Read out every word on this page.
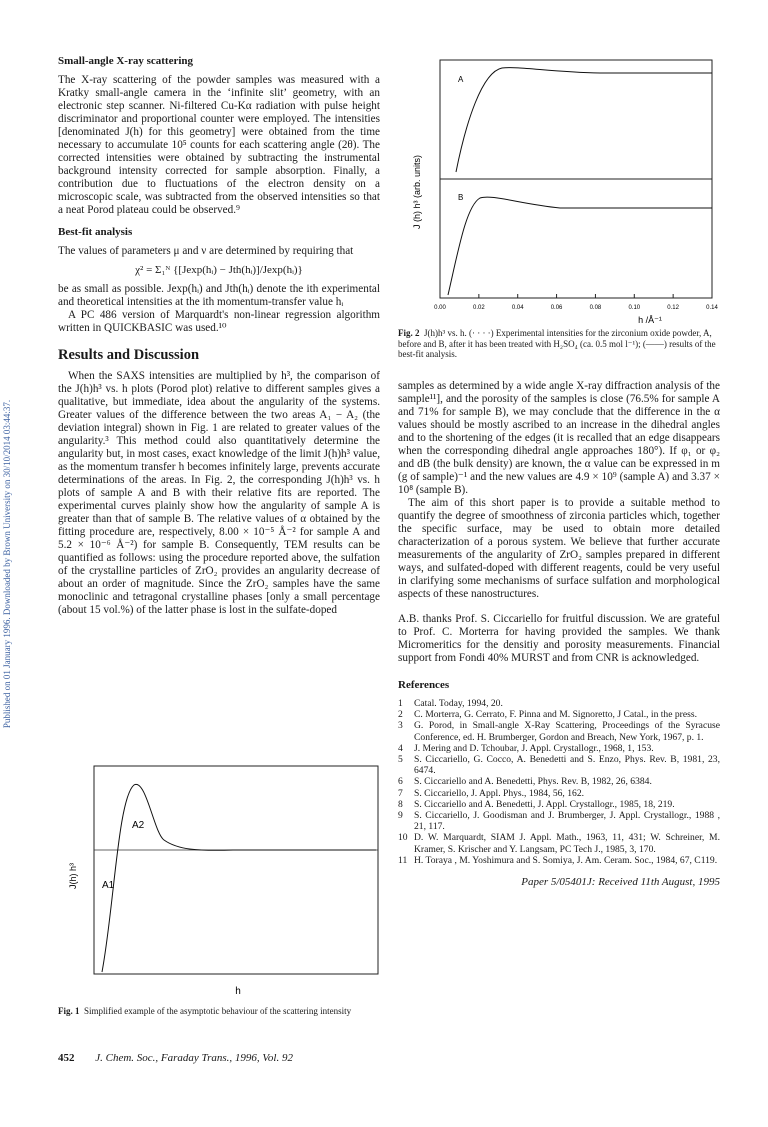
Published on 01 January 1996. Downloaded by Brown University on 30/10/2014 03:44:37.
Small-angle X-ray scattering

The X-ray scattering of the powder samples was measured with a Kratky small-angle camera in the ‘infinite slit’ geometry, with an electronic step scanner. Ni-filtered Cu-Kα radiation with pulse height discriminator and proportional counter were employed. The intensities [denominated J(h) for this geometry] were obtained from the time necessary to accumulate 10⁵ counts for each scattering angle (2θ). The corrected intensities were obtained by subtracting the instrumental background intensity corrected for sample absorption. Finally, a contribution due to fluctuations of the electron density on a microscopic scale, was subtracted from the observed intensities so that a neat Porod plateau could be observed.⁹

Best-fit analysis

The values of parameters μ and ν are determined by requiring that

χ² = Σ₁ᴺ {[Jexp(hᵢ) − Jth(hᵢ)]/Jexp(hᵢ)}

be as small as possible. Jexp(hᵢ) and Jth(hᵢ) denote the ith experimental and theoretical intensities at the ith momentum-transfer value hᵢ

A PC 486 version of Marquardt's non-linear regression algorithm written in QUICKBASIC was used.¹⁰

Results and Discussion

When the SAXS intensities are multiplied by h³, the comparison of the J(h)h³ vs. h plots (Porod plot) relative to different samples gives a qualitative, but immediate, idea about the angularity of the systems. Greater values of the difference between the two areas A₁ − A₂ (the deviation integral) shown in Fig. 1 are related to greater values of the angularity.³ This method could also quantitatively determine the angularity but, in most cases, exact knowledge of the limit J(h)h³ value, as the momentum transfer h becomes infinitely large, prevents accurate determinations of the areas. In Fig. 2, the corresponding J(h)h³ vs. h plots of sample A and B with their relative fits are reported. The experimental curves plainly show how the angularity of sample A is greater than that of sample B. The relative values of α obtained by the fitting procedure are, respectively, 8.00 × 10⁻⁵ Å⁻² for sample A and 5.2 × 10⁻⁶ Å⁻²) for sample B. Consequently, TEM results can be quantified as follows: using the procedure reported above, the sulfation of the crystalline particles of ZrO₂ provides an angularity decrease of about an order of magnitude. Since the ZrO₂ samples have the same monoclinic and tetragonal crystalline phases [only a small percentage (about 15 vol.%) of the latter phase is lost in the sulfate-doped

A2
A1
J(h) h³
h
Fig. 1 Simplified example of the asymptotic behaviour of the scattering intensity
0.00	0.02	0.04	0.06	0.08	0.10	0.12	0.14
A
B
J (h) h³ (arb. units)
h /Å⁻¹
Fig. 2 J(h)h³ vs. h. (· · · ·) Experimental intensities for the zirconium oxide powder, A, before and B, after it has been treated with H₂SO₄ (ca. 0.5 mol l⁻¹); (——) results of the best-fit analysis.

samples as determined by a wide angle X-ray diffraction analysis of the sample¹¹], and the porosity of the samples is close (76.5% for sample A and 71% for sample B), we may conclude that the difference in the α values should be mostly ascribed to an increase in the dihedral angles and to the shortening of the edges (it is recalled that an edge disappears when the corresponding dihedral angle approaches 180°). If φ₁ or φ₂ and dB (the bulk density) are known, the α value can be expressed in m (g of sample)⁻¹ and the new values are 4.9 × 10⁹ (sample A) and 3.37 × 10⁸ (sample B).

The aim of this short paper is to provide a suitable method to quantify the degree of smoothness of zirconia particles which, together the specific surface, may be used to obtain more detailed characterization of a porous system. We believe that further accurate measurements of the angularity of ZrO₂ samples prepared in different ways, and sulfated-doped with different reagents, could be very useful in clarifying some mechanisms of surface sulfation and morphological aspects of these nanostructures.

A.B. thanks Prof. S. Ciccariello for fruitful discussion. We are grateful to Prof. C. Morterra for having provided the samples. We thank Micromeritics for the densitiy and porosity measurements. Financial support from Fondi 40% MURST and from CNR is acknowledged.

References
1	Catal. Today, 1994, 20.
2	C. Morterra, G. Cerrato, F. Pinna and M. Signoretto, J Catal., in the press.
3	G. Porod, in Small-angle X-Ray Scattering, Proceedings of the Syracuse Conference, ed. H. Brumberger, Gordon and Breach, New York, 1967, p. 1.
4	J. Mering and D. Tchoubar, J. Appl. Crystallogr., 1968, 1, 153.
5	S. Ciccariello, G. Cocco, A. Benedetti and S. Enzo, Phys. Rev. B, 1981, 23, 6474.
6	S. Ciccariello and A. Benedetti, Phys. Rev. B, 1982, 26, 6384.
7	S. Ciccariello, J. Appl. Phys., 1984, 56, 162.
8	S. Ciccariello and A. Benedetti, J. Appl. Crystallogr., 1985, 18, 219.
9	S. Ciccariello, J. Goodisman and J. Brumberger, J. Appl. Crystallogr., 1988 , 21, 117.
10 D. W. Marquardt, SIAM J. Appl. Math., 1963, 11, 431; W. Schreiner, M. Kramer, S. Krischer and Y. Langsam, PC Tech J., 1985, 3, 170.
11 H. Toraya , M. Yoshimura and S. Somiya, J. Am. Ceram. Soc., 1984, 67, C119.
Paper 5/05401J: Received 11th August, 1995
452 J. Chem. Soc., Faraday Trans., 1996, Vol. 92
